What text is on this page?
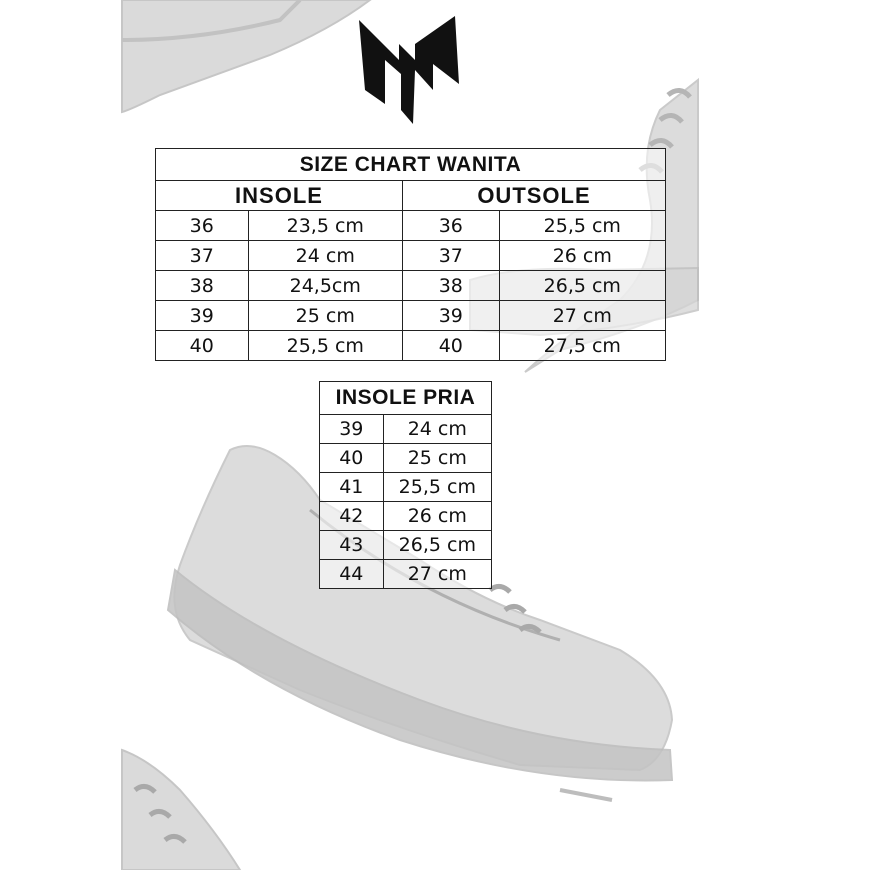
SIZE CHART WANITA			
INSOLE		OUTSOLE	
36	23,5 cm	36	25,5 cm
37	24 cm	37	26 cm
38	24,5cm	38	26,5 cm
39	25 cm	39	27 cm
40	25,5 cm	40	27,5 cm
INSOLE PRIA	
39	24 cm
40	25 cm
41	25,5 cm
42	26 cm
43	26,5 cm
44	27 cm
